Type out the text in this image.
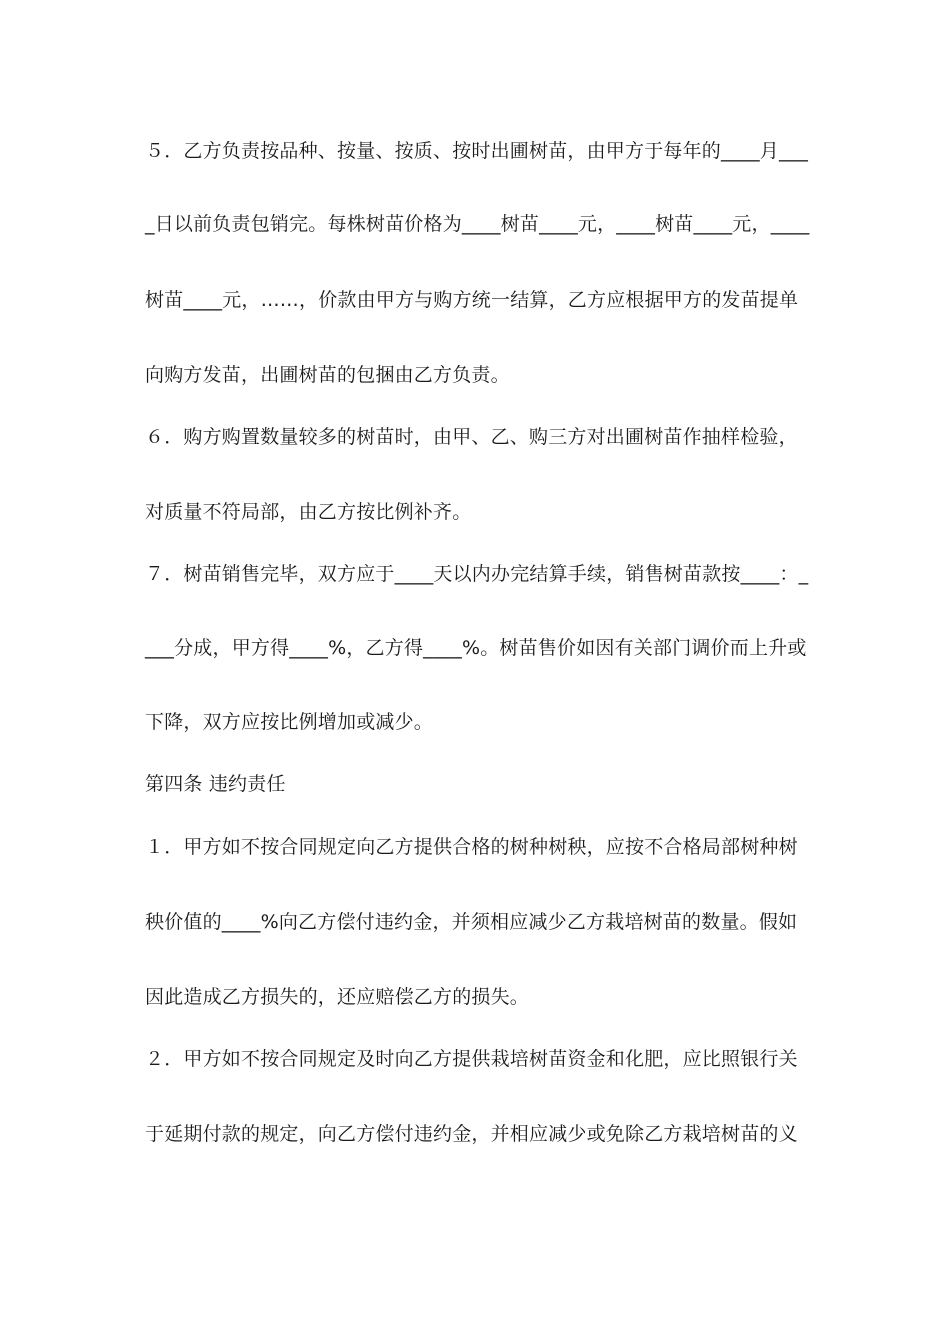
５．乙方负责按品种、按量、按质、按时出圃树苗，由甲方于每年的____月___
_日以前负责包销完。每株树苗价格为____树苗____元，____树苗____元，____
树苗____元，……，价款由甲方与购方统一结算，乙方应根据甲方的发苗提单
向购方发苗，出圃树苗的包捆由乙方负责。
６．购方购置数量较多的树苗时，由甲、乙、购三方对出圃树苗作抽样检验，
对质量不符局部，由乙方按比例补齐。
７．树苗销售完毕，双方应于____天以内办完结算手续，销售树苗款按____：_
___分成，甲方得____%，乙方得____%。树苗售价如因有关部门调价而上升或
下降，双方应按比例增加或减少。
第四条 违约责任
１．甲方如不按合同规定向乙方提供合格的树种树秧，应按不合格局部树种树
秧价值的____%向乙方偿付违约金，并须相应减少乙方栽培树苗的数量。假如
因此造成乙方损失的，还应赔偿乙方的损失。
２．甲方如不按合同规定及时向乙方提供栽培树苗资金和化肥，应比照银行关
于延期付款的规定，向乙方偿付违约金，并相应减少或免除乙方栽培树苗的义
